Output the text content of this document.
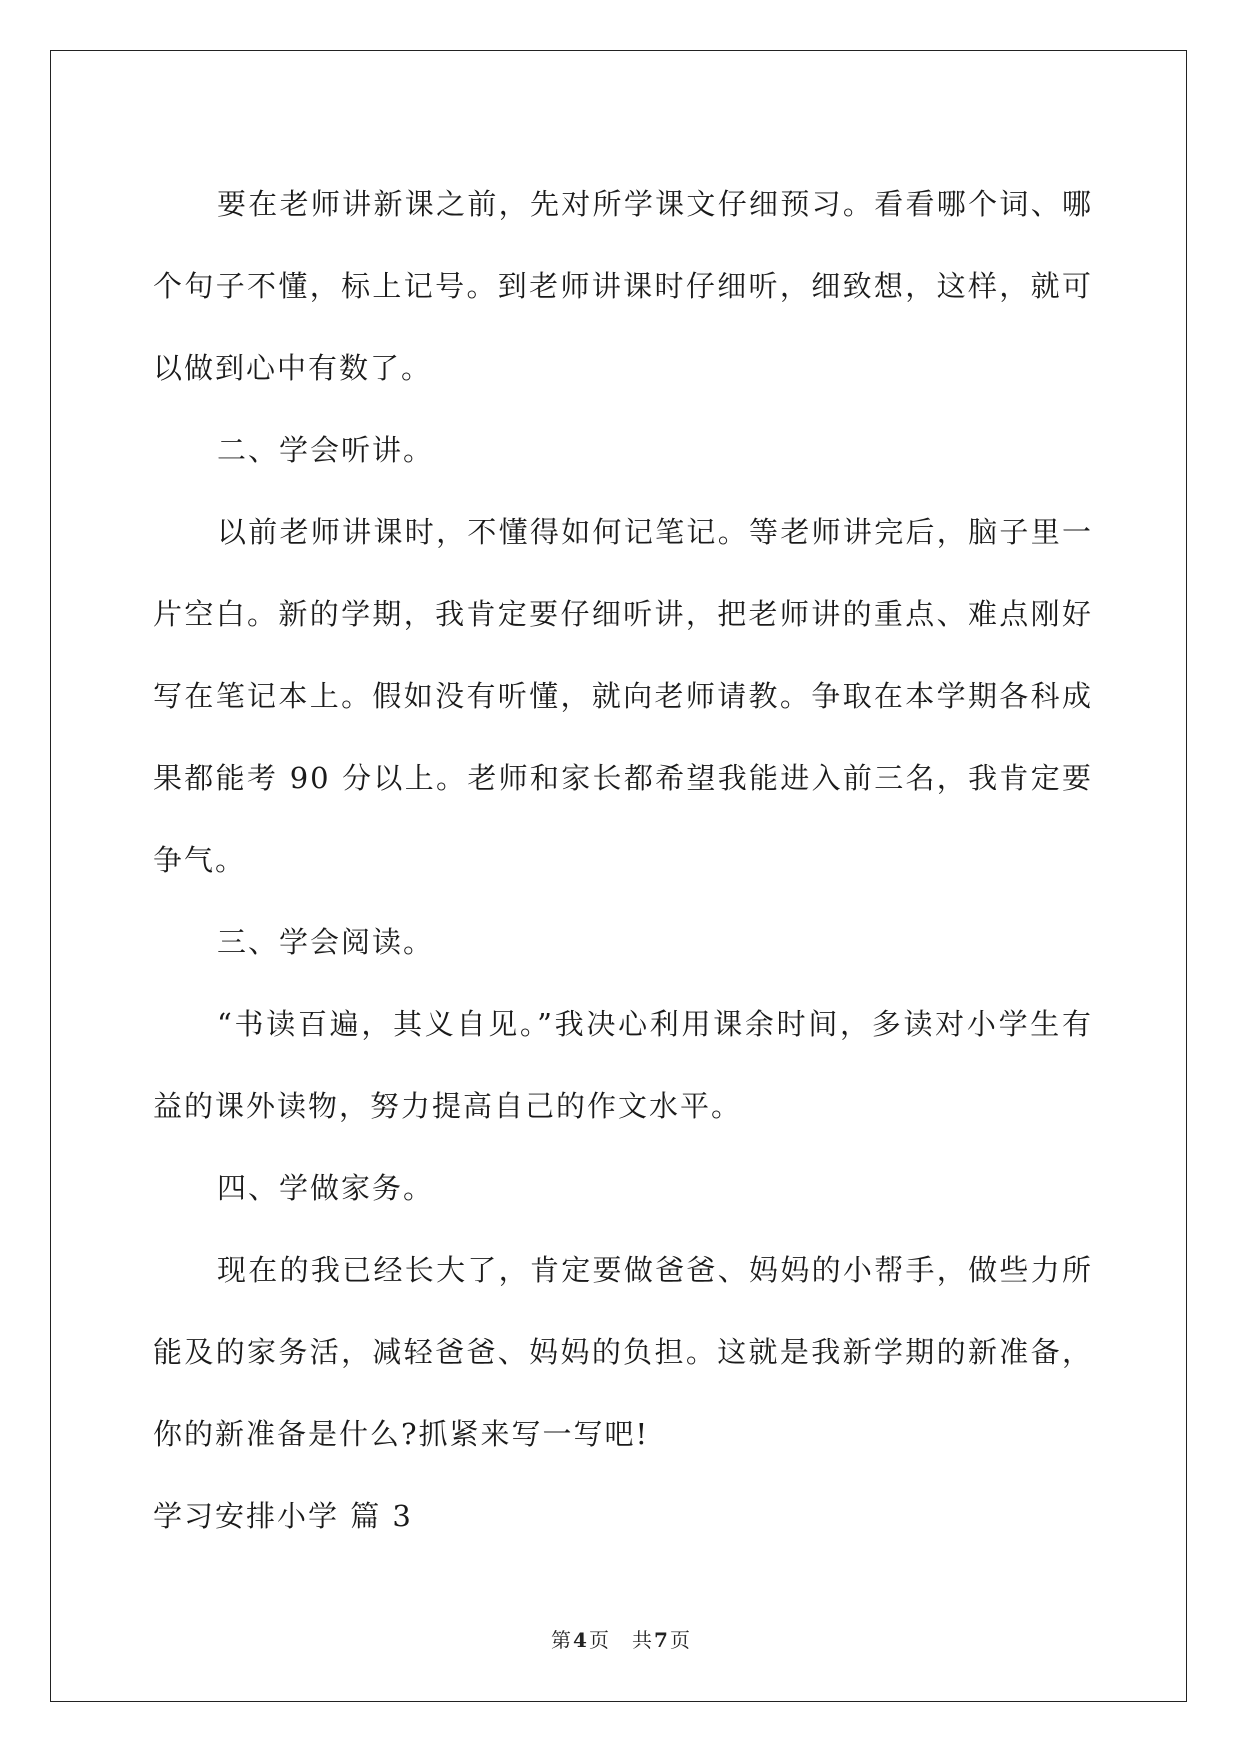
要在老师讲新课之前，先对所学课文仔细预习。看看哪个词、哪个句子不懂，标上记号。到老师讲课时仔细听，细致想，这样，就可以做到心中有数了。

二、学会听讲。

以前老师讲课时，不懂得如何记笔记。等老师讲完后，脑子里一片空白。新的学期，我肯定要仔细听讲，把老师讲的重点、难点刚好写在笔记本上。假如没有听懂，就向老师请教。争取在本学期各科成果都能考 90 分以上。老师和家长都希望我能进入前三名，我肯定要争气。

三、学会阅读。

“书读百遍，其义自见。”我决心利用课余时间，多读对小学生有益的课外读物，努力提高自己的作文水平。

四、学做家务。

现在的我已经长大了，肯定要做爸爸、妈妈的小帮手，做些力所能及的家务活，减轻爸爸、妈妈的负担。这就是我新学期的新准备，你的新准备是什么?抓紧来写一写吧!

学习安排小学 篇 3

第 4 页 共 7 页
